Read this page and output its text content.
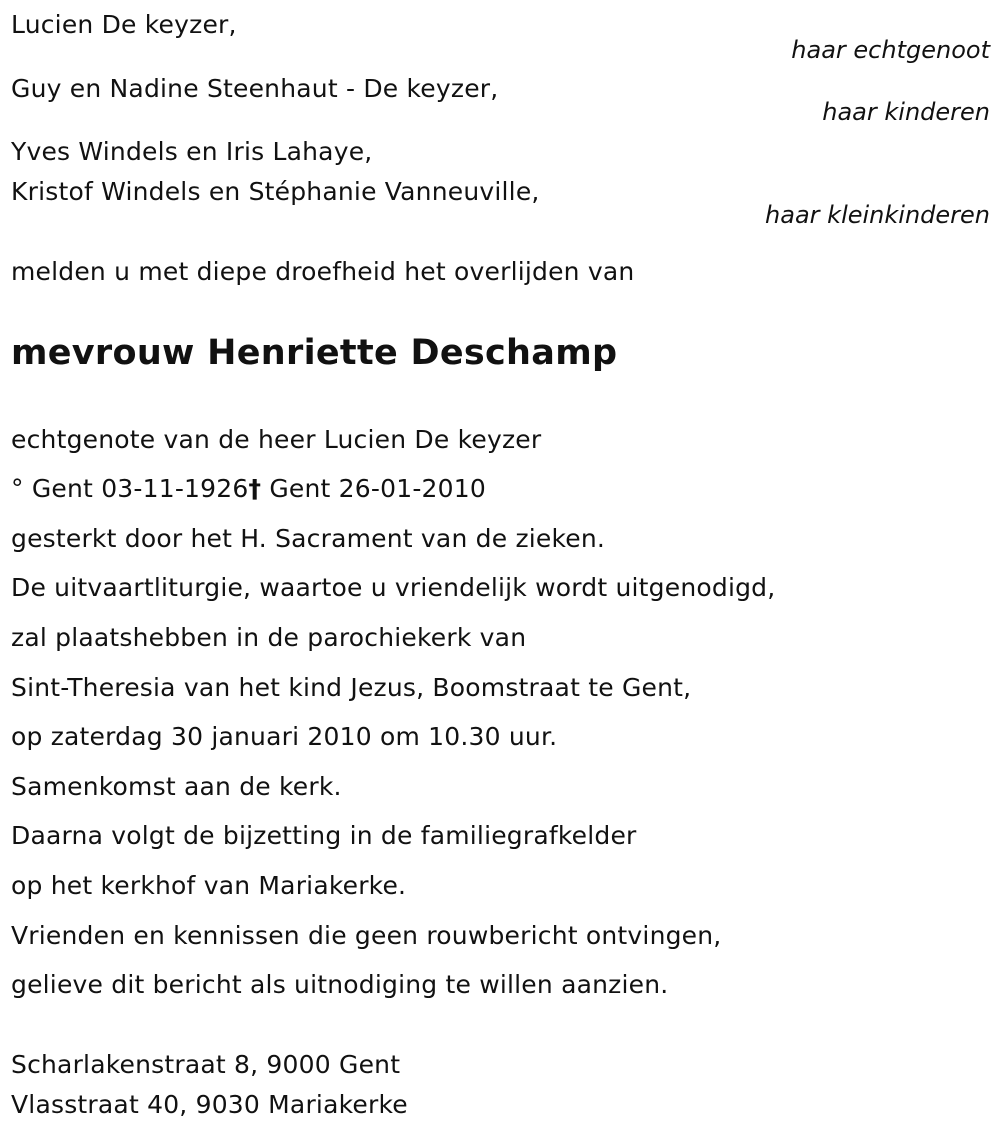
Lucien De keyzer,
haar echtgenoot
Guy en Nadine Steenhaut - De keyzer,
haar kinderen
Yves Windels en Iris Lahaye,
Kristof Windels en Stéphanie Vanneuville,
haar kleinkinderen
melden u met diepe droefheid het overlijden van
mevrouw Henriette Deschamp
echtgenote van de heer Lucien De keyzer
° Gent 03-11-1926† Gent 26-01-2010
gesterkt door het H. Sacrament van de zieken.
De uitvaartliturgie, waartoe u vriendelijk wordt uitgenodigd,
zal plaatshebben in de parochiekerk van
Sint-Theresia van het kind Jezus, Boomstraat te Gent,
op zaterdag 30 januari 2010 om 10.30 uur.
Samenkomst aan de kerk.
Daarna volgt de bijzetting in de familiegrafkelder
op het kerkhof van Mariakerke.
Vrienden en kennissen die geen rouwbericht ontvingen,
gelieve dit bericht als uitnodiging te willen aanzien.
Scharlakenstraat 8, 9000 Gent
Vlasstraat 40, 9030 Mariakerke
